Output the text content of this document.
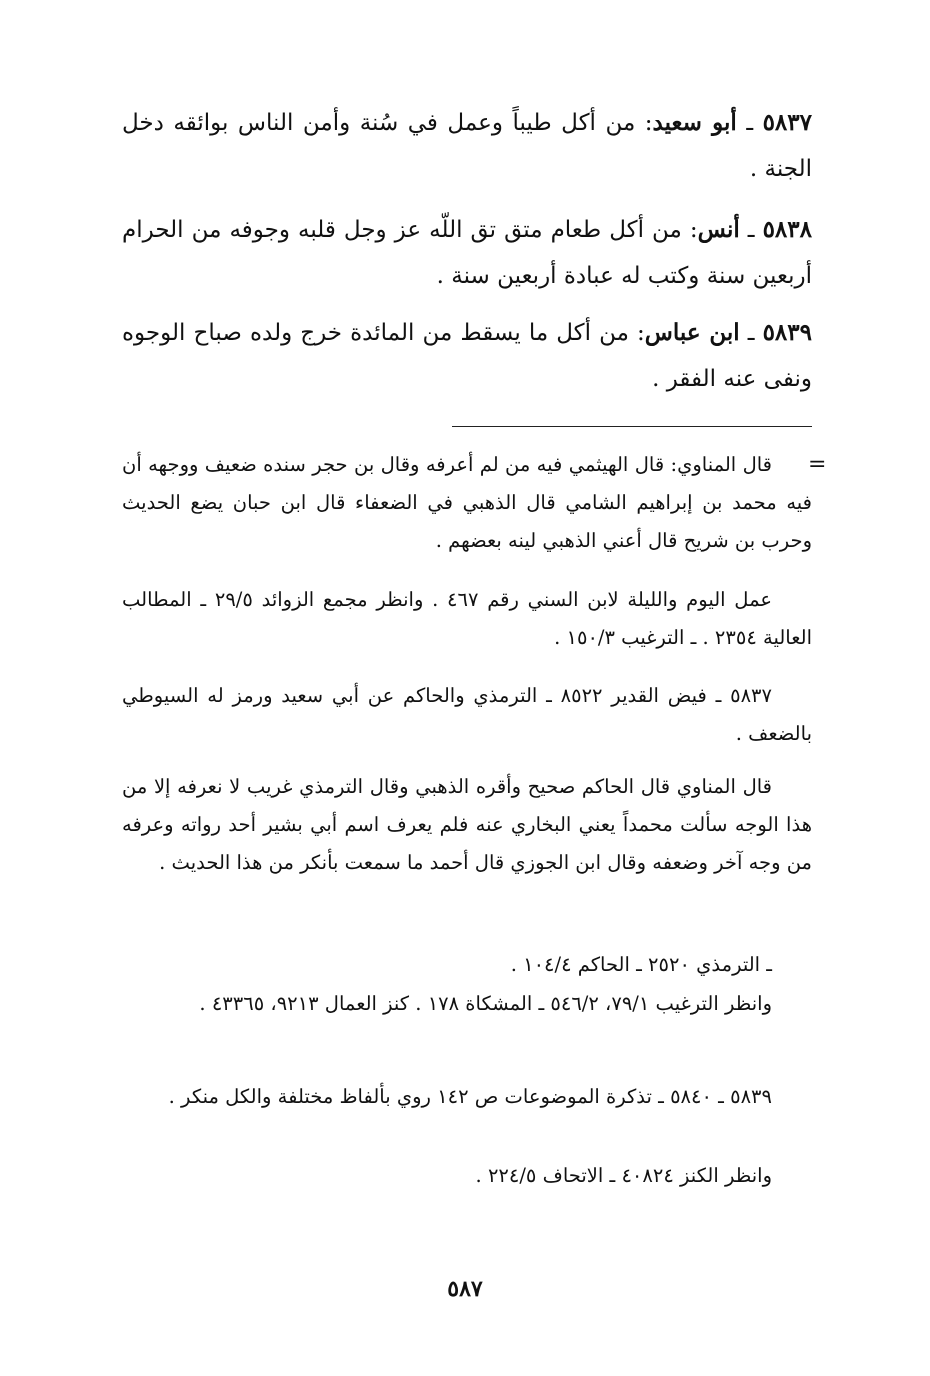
٥٨٣٧ ـ أبو سعيد: من أكل طيباً وعمل في سُنة وأمن الناس بوائقه دخل الجنة .
٥٨٣٨ ـ أنس: من أكل طعام متق تق اللّه عز وجل قلبه وجوفه من الحرام أربعين سنة وكتب له عبادة أربعين سنة .
٥٨٣٩ ـ ابن عباس: من أكل ما يسقط من المائدة خرج ولده صباح الوجوه ونفى عنه الفقر .
=
قال المناوي: قال الهيثمي فيه من لم أعرفه وقال بن حجر سنده ضعيف ووجهه أن فيه محمد بن إبراهيم الشامي قال الذهبي في الضعفاء قال ابن حبان يضع الحديث وحرب بن شريح قال أعني الذهبي لينه بعضهم .
عمل اليوم والليلة لابن السني رقم ٤٦٧ . وانظر مجمع الزوائد ٢٩/٥ ـ المطالب العالية ٢٣٥٤ . ـ الترغيب ١٥٠/٣ .
٥٨٣٧ ـ فيض القدير ٨٥٢٢ ـ الترمذي والحاكم عن أبي سعيد ورمز له السيوطي بالضعف .
قال المناوي قال الحاكم صحيح وأقره الذهبي وقال الترمذي غريب لا نعرفه إلا من هذا الوجه سألت محمداً يعني البخاري عنه فلم يعرف اسم أبي بشير أحد رواته وعرفه من وجه آخر وضعفه وقال ابن الجوزي قال أحمد ما سمعت بأنكر من هذا الحديث .
ـ الترمذي ٢٥٢٠ ـ الحاكم ١٠٤/٤ .
وانظر الترغيب ٧٩/١، ٥٤٦/٢ ـ المشكاة ١٧٨ . كنز العمال ٩٢١٣، ٤٣٣٦٥ .
٥٨٣٩ ـ ٥٨٤٠ ـ تذكرة الموضوعات ص ١٤٢ روي بألفاظ مختلفة والكل منكر .
وانظر الكنز ٤٠٨٢٤ ـ الاتحاف ٢٢٤/٥ .
٥٨٧
